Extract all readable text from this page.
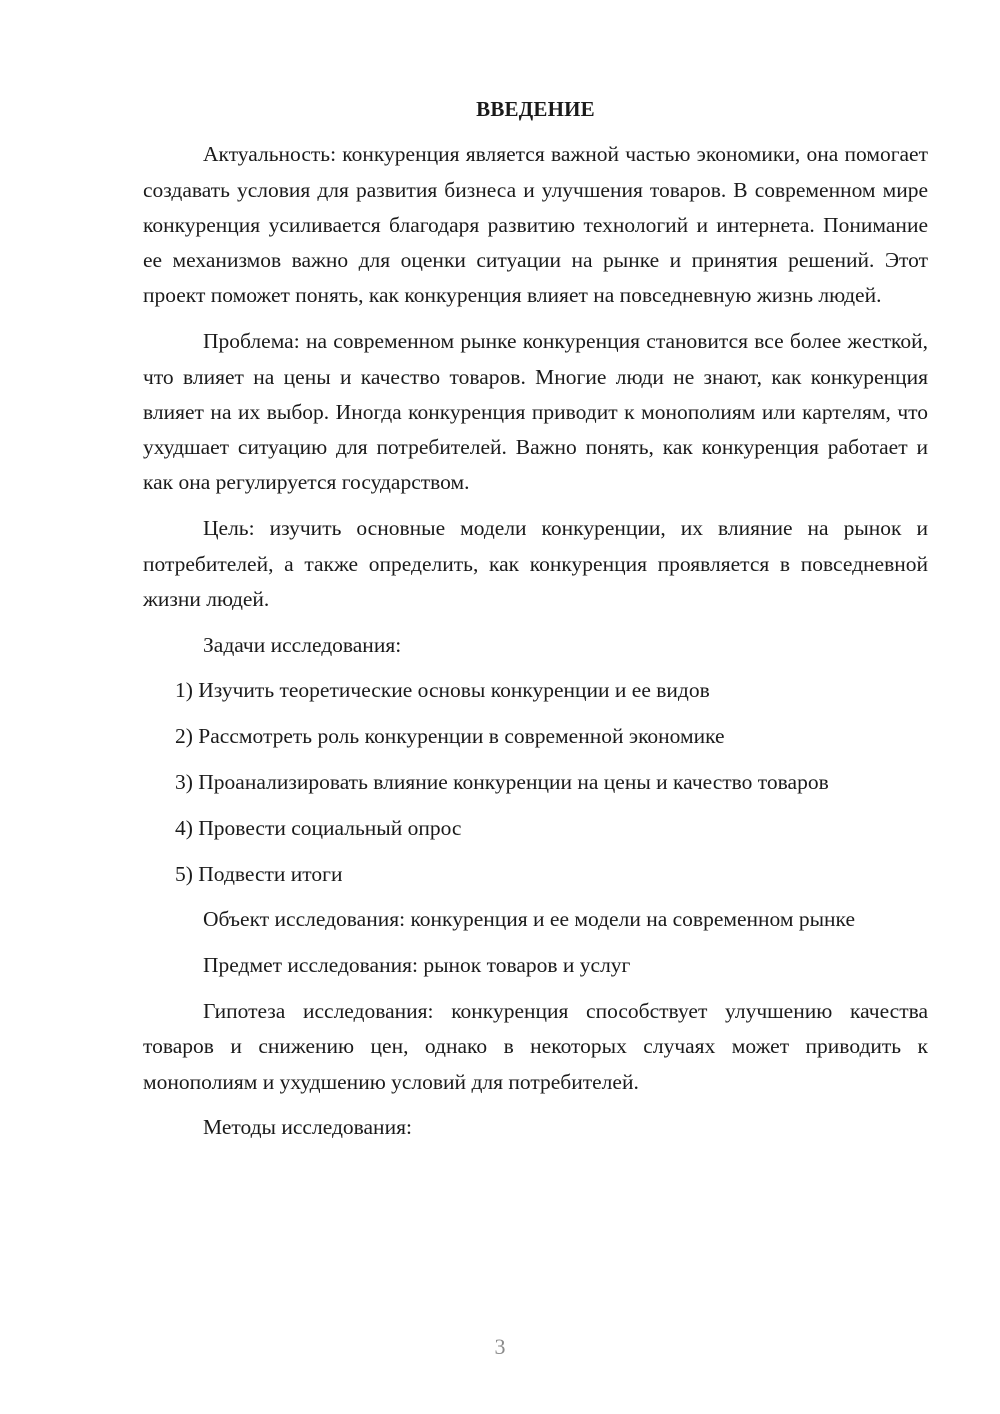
ВВЕДЕНИЕ

Актуальность: конкуренция является важной частью экономики, она помогает создавать условия для развития бизнеса и улучшения товаров. В современном мире конкуренция усиливается благодаря развитию технологий и интернета. Понимание ее механизмов важно для оценки ситуации на рынке и принятия решений. Этот проект поможет понять, как конкуренция влияет на повседневную жизнь людей.

Проблема: на современном рынке конкуренция становится все более жесткой, что влияет на цены и качество товаров. Многие люди не знают, как конкуренция влияет на их выбор. Иногда конкуренция приводит к монополиям или картелям, что ухудшает ситуацию для потребителей. Важно понять, как конкуренция работает и как она регулируется государством.

Цель: изучить основные модели конкуренции, их влияние на рынок и потребителей, а также определить, как конкуренция проявляется в повседневной жизни людей.

Задачи исследования:

1) Изучить теоретические основы конкуренции и ее видов

2) Рассмотреть роль конкуренции в современной экономике

3) Проанализировать влияние конкуренции на цены и качество товаров

4) Провести социальный опрос

5) Подвести итоги

Объект исследования: конкуренция и ее модели на современном рынке

Предмет исследования: рынок товаров и услуг

Гипотеза исследования: конкуренция способствует улучшению качества товаров и снижению цен, однако в некоторых случаях может приводить к монополиям и ухудшению условий для потребителей.

Методы исследования:

3
